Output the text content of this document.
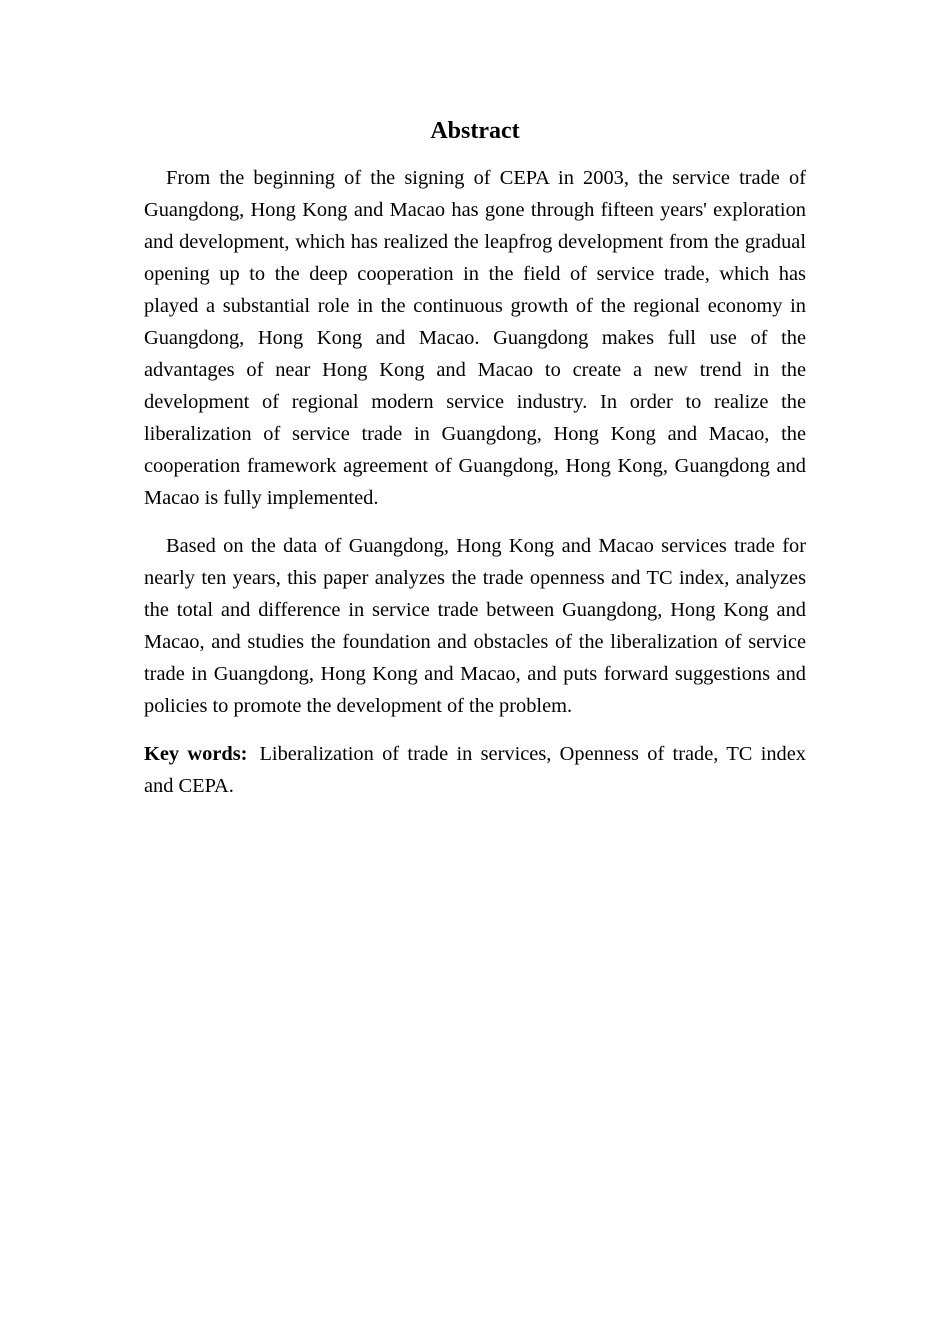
Abstract

From the beginning of the signing of CEPA in 2003, the service trade of Guangdong, Hong Kong and Macao has gone through fifteen years' exploration and development, which has realized the leapfrog development from the gradual opening up to the deep cooperation in the field of service trade, which has played a substantial role in the continuous growth of the regional economy in Guangdong, Hong Kong and Macao. Guangdong makes full use of the advantages of near Hong Kong and Macao to create a new trend in the development of regional modern service industry. In order to realize the liberalization of service trade in Guangdong, Hong Kong and Macao, the cooperation framework agreement of Guangdong, Hong Kong, Guangdong and Macao is fully implemented.

Based on the data of Guangdong, Hong Kong and Macao services trade for nearly ten years, this paper analyzes the trade openness and TC index, analyzes the total and difference in service trade between Guangdong, Hong Kong and Macao, and studies the foundation and obstacles of the liberalization of service trade in Guangdong, Hong Kong and Macao, and puts forward suggestions and policies to promote the development of the problem.

Key words: Liberalization of trade in services, Openness of trade, TC index and CEPA.
